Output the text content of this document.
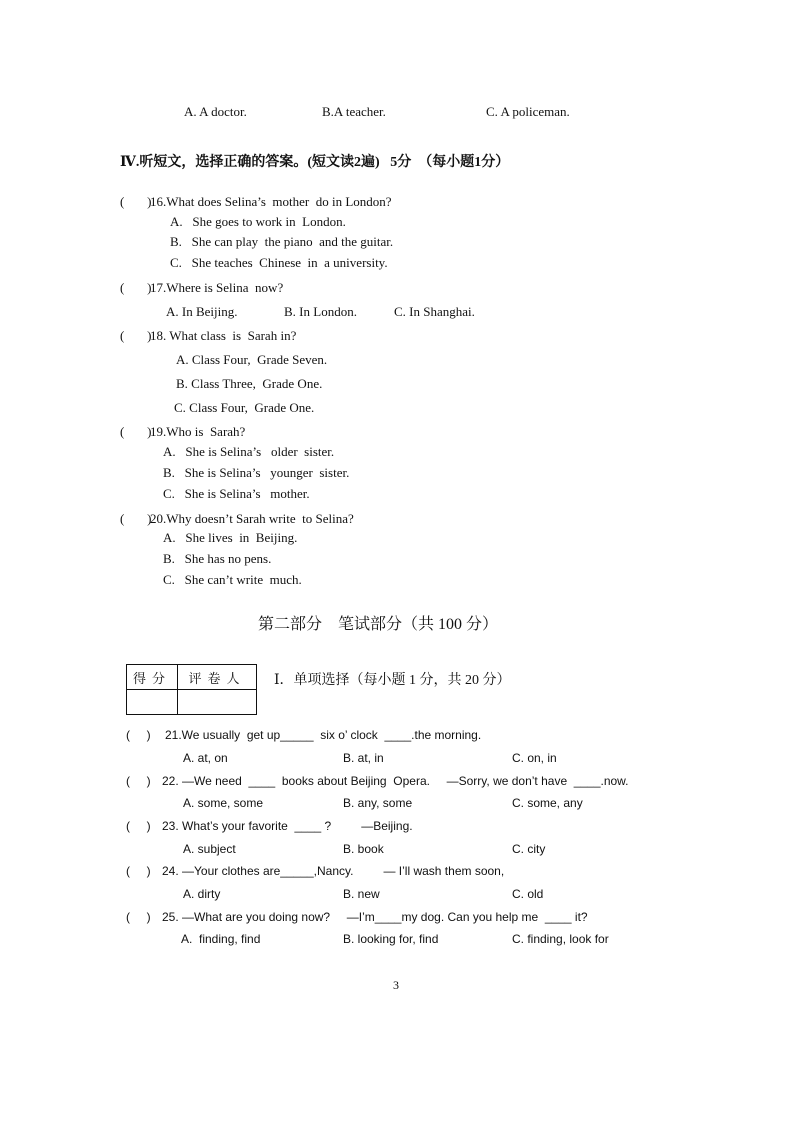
A. A doctor.	B.A teacher.	C. A policeman.
Ⅳ.听短文，选择正确的答案。(短文读2遍)   5分  （每小题1分）
(       )
16.What does Selina’s  mother  do in London?
A.   She goes to work in  London.
B.   She can play  the piano  and the guitar.
C.   She teaches  Chinese  in  a university.
(       )
17.Where is Selina  now?
A. In Beijing.	B. In London.	C. In Shanghai.
(       )
18. What class  is  Sarah in?
A. Class Four,  Grade Seven.
B. Class Three,  Grade One.
C. Class Four,  Grade One.
(       )
19.Who is  Sarah?
A.   She is Selina’s   older  sister.
B.   She is Selina’s   younger  sister.
C.   She is Selina’s   mother.
(       )
20.Why doesn’t Sarah write  to Selina?
A.   She lives  in  Beijing.
B.   She has no pens.
C.   She can’t write  much.
第二部分    笔试部分（共 100 分）
得分	评卷人
	Ⅰ．单项选择（每小题 1 分，共 20 分）
(     ) 21.We usually  get up_____  six o’ clock  ____.the morning.
A. at, on	B. at, in	C. on, in
(     ) 22. —We need  ____  books about Beijing  Opera.     —Sorry, we don’t have  ____.now.
A. some, some	B. any, some	C. some, any
(     ) 23. What’s your favorite  ____ ?         —Beijing.
A. subject	B. book	C. city
(     ) 24. —Your clothes are_____,Nancy.         — I’ll wash them soon,
A. dirty	B. new	C. old
(     ) 25. —What are you doing now?     —I’m____my dog. Can you help me  ____ it?
A.  finding, find	B. looking for, find	C. finding, look for
3
